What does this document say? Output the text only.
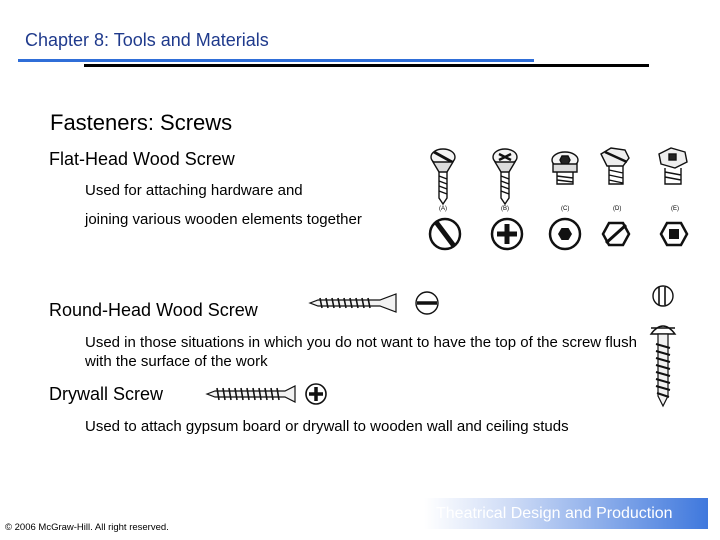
Chapter 8: Tools and Materials
Fasteners: Screws
Flat-Head Wood Screw
Used for attaching hardware and
joining various wooden elements together
(A)	(B)	(C)	(D)	(E)
Round-Head Wood Screw
Used in those situations in which you do not want to have the top of the screw flush with the surface of the work
Drywall Screw
Used to attach gypsum board or drywall to wooden wall and ceiling studs
Theatrical Design and Production
© 2006 McGraw-Hill. All right reserved.
